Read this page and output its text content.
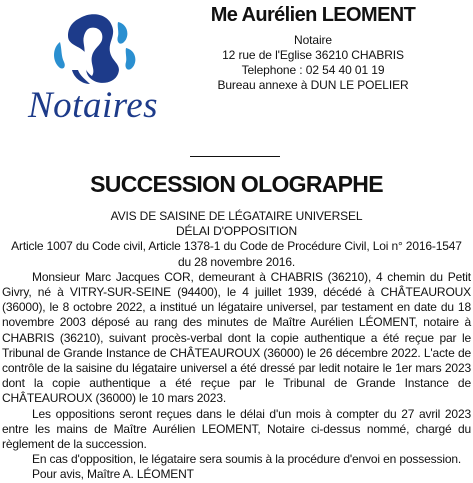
Notaires
Me Aurélien LEOMENT
Notaire
12 rue de l'Eglise 36210 CHABRIS
Telephone : 02 54 40 01 19
Bureau annexe à DUN LE POELIER
SUCCESSION OLOGRAPHE
AVIS DE SAISINE DE LÉGATAIRE UNIVERSEL
DÉLAI D'OPPOSITION
Article 1007 du Code civil, Article 1378-1 du Code de Procédure Civil, Loi n° 2016-1547 du 28 novembre 2016.

Monsieur Marc Jacques COR, demeurant à CHABRIS (36210), 4 chemin du Petit Givry, né à VITRY-SUR-SEINE (94400), le 4 juillet 1939, décédé à CHÂTEAUROUX (36000), le 8 octobre 2022, a institué un légataire universel, par testament en date du 18 novembre 2003 déposé au rang des minutes de Maître Aurélien LÉOMENT, notaire à CHABRIS (36210), suivant procès-verbal dont la copie authentique a été reçue par le Tribunal de Grande Instance de CHÂTEAUROUX (36000) le 26 décembre 2022. L'acte de contrôle de la saisine du légataire universel a été dressé par ledit notaire le 1er mars 2023 dont la copie authentique a été reçue par le Tribunal de Grande Instance de CHÂTEAUROUX (36000) le 10 mars 2023.

Les oppositions seront reçues dans le délai d'un mois à compter du 27 avril 2023 entre les mains de Maître Aurélien LEOMENT, Notaire ci-dessus nommé, chargé du règlement de la succession.

En cas d'opposition, le légataire sera soumis à la procédure d'envoi en possession.

Pour avis, Maître A. LÉOMENT
